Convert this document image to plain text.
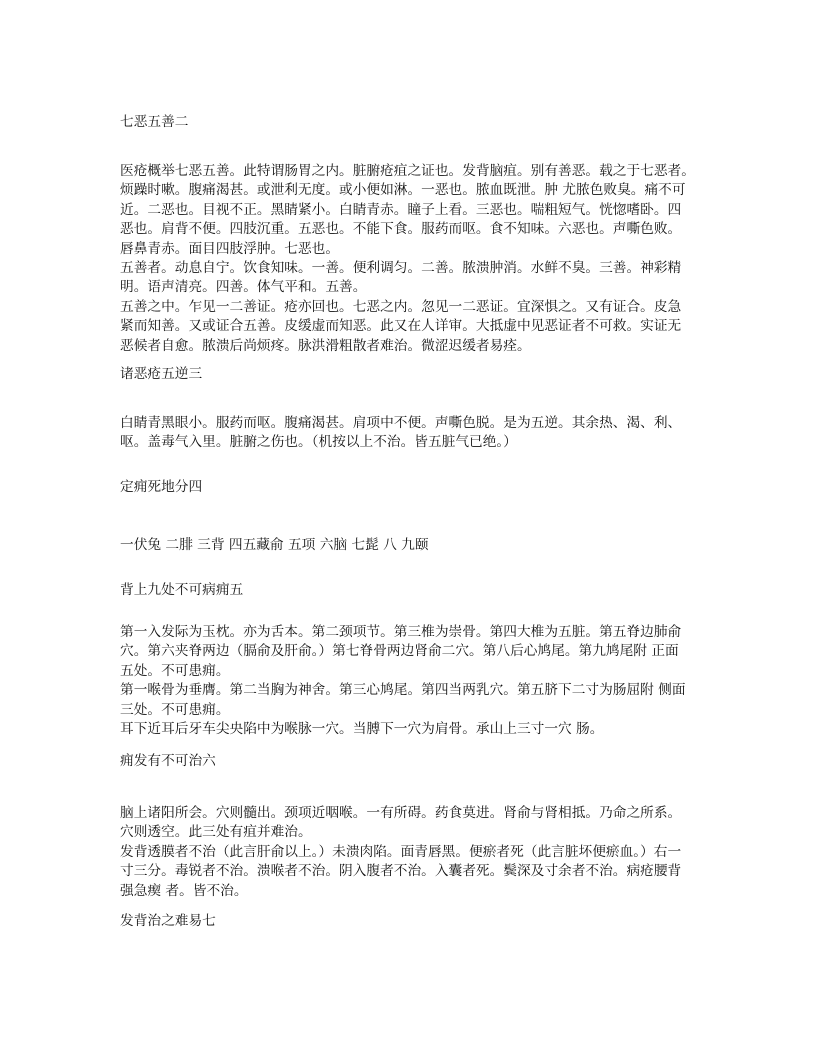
七恶五善二
医疮概举七恶五善。此特谓肠胃之内。脏腑疮疽之证也。发背脑疽。别有善恶。载之于七恶者。
烦躁时嗽。腹痛渴甚。或泄利无度。或小便如淋。一恶也。脓血既泄。肿 尤脓色败臭。痛不可
近。二恶也。目视不正。黑睛紧小。白睛青赤。瞳子上看。三恶也。喘粗短气。恍惚嗜卧。四
恶也。肩背不便。四肢沉重。五恶也。不能下食。服药而呕。食不知味。六恶也。声嘶色败。
唇鼻青赤。面目四肢浮肿。七恶也。
五善者。动息自宁。饮食知味。一善。便利调匀。二善。脓溃肿消。水鲜不臭。三善。神彩精
明。语声清亮。四善。体气平和。五善。
五善之中。乍见一二善证。疮亦回也。七恶之内。忽见一二恶证。宜深惧之。又有证合。皮急
紧而知善。又或证合五善。皮缓虚而知恶。此又在人详审。大抵虚中见恶证者不可救。实证无
恶候者自愈。脓溃后尚烦疼。脉洪滑粗散者难治。微涩迟缓者易痊。
诸恶疮五逆三
白睛青黑眼小。服药而呕。腹痛渴甚。肩项中不便。声嘶色脱。是为五逆。其余热、渴、利、
呕。盖毒气入里。脏腑之伤也。（机按以上不治。皆五脏气已绝。）
定痈死地分四
一伏兔 二腓 三背 四五藏俞 五项 六脑 七髭 八 九颐
背上九处不可病痈五
第一入发际为玉枕。亦为舌本。第二颈项节。第三椎为崇骨。第四大椎为五脏。第五脊边肺俞
穴。第六夹脊两边（膈俞及肝俞。）第七脊骨两边肾俞二穴。第八后心鸠尾。第九鸠尾附 正面
五处。不可患痈。
第一喉骨为垂膺。第二当胸为神舍。第三心鸠尾。第四当两乳穴。第五脐下二寸为肠屈附 侧面
三处。不可患痈。
耳下近耳后牙车尖央陷中为喉脉一穴。当膊下一穴为肩骨。承山上三寸一穴 肠。
痈发有不可治六
脑上诸阳所会。穴则髓出。颈项近咽喉。一有所碍。药食莫进。肾俞与肾相抵。乃命之所系。
穴则透空。此三处有疽并难治。
发背透膜者不治（此言肝俞以上。）未溃肉陷。面青唇黑。便瘀者死（此言脏坏便瘀血。）右一
寸三分。毒锐者不治。溃喉者不治。阴入腹者不治。入囊者死。鬓深及寸余者不治。病疮腰背
强急瘈 者。皆不治。
发背治之难易七
